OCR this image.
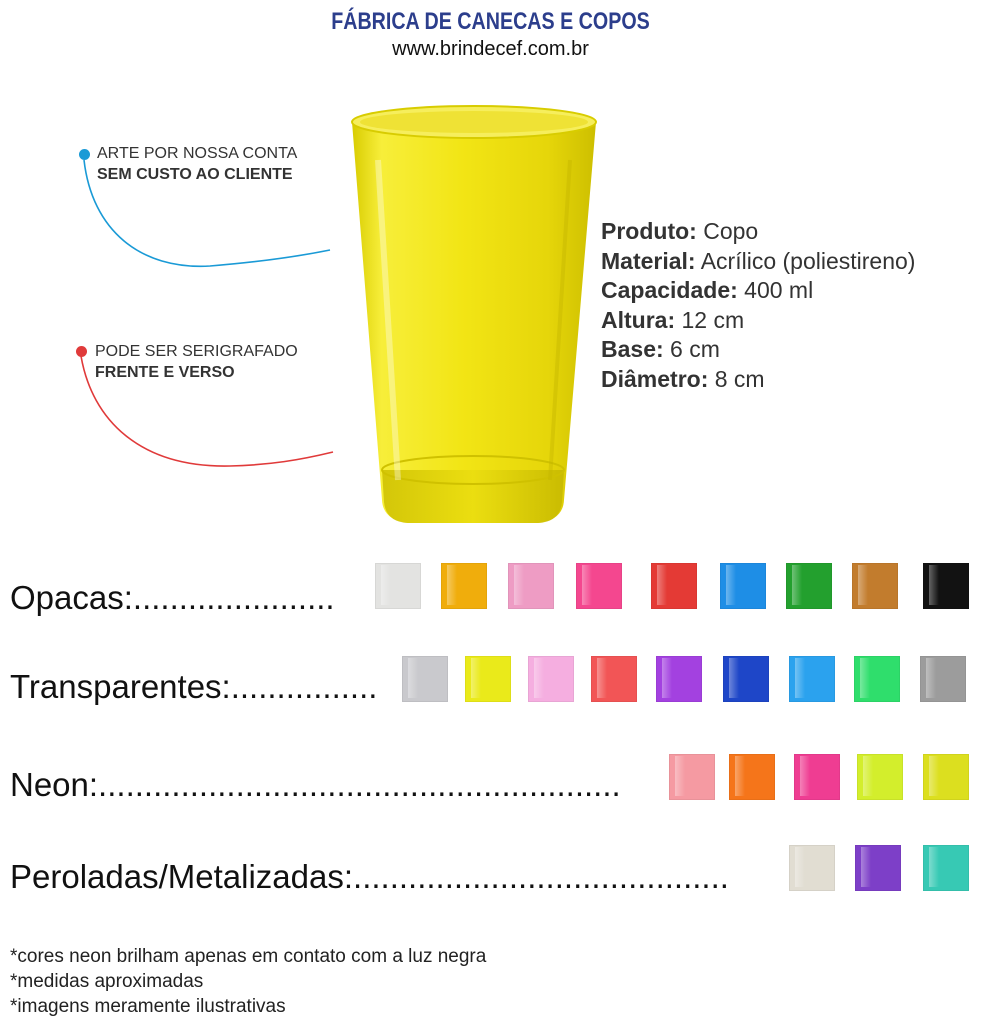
FÁBRICA DE CANECAS E COPOS
www.brindecef.com.br
ARTE POR NOSSA CONTA
SEM CUSTO AO CLIENTE
PODE SER SERIGRAFADO
FRENTE E VERSO
Produto: Copo
Material: Acrílico (poliestireno)
Capacidade: 400 ml
Altura: 12 cm
Base: 6 cm
Diâmetro: 8 cm
Opacas:......................
Transparentes:................
Neon:.........................................................
Peroladas/Metalizadas:.........................................
*cores neon brilham apenas em contato com a luz negra
*medidas aproximadas
*imagens meramente ilustrativas
